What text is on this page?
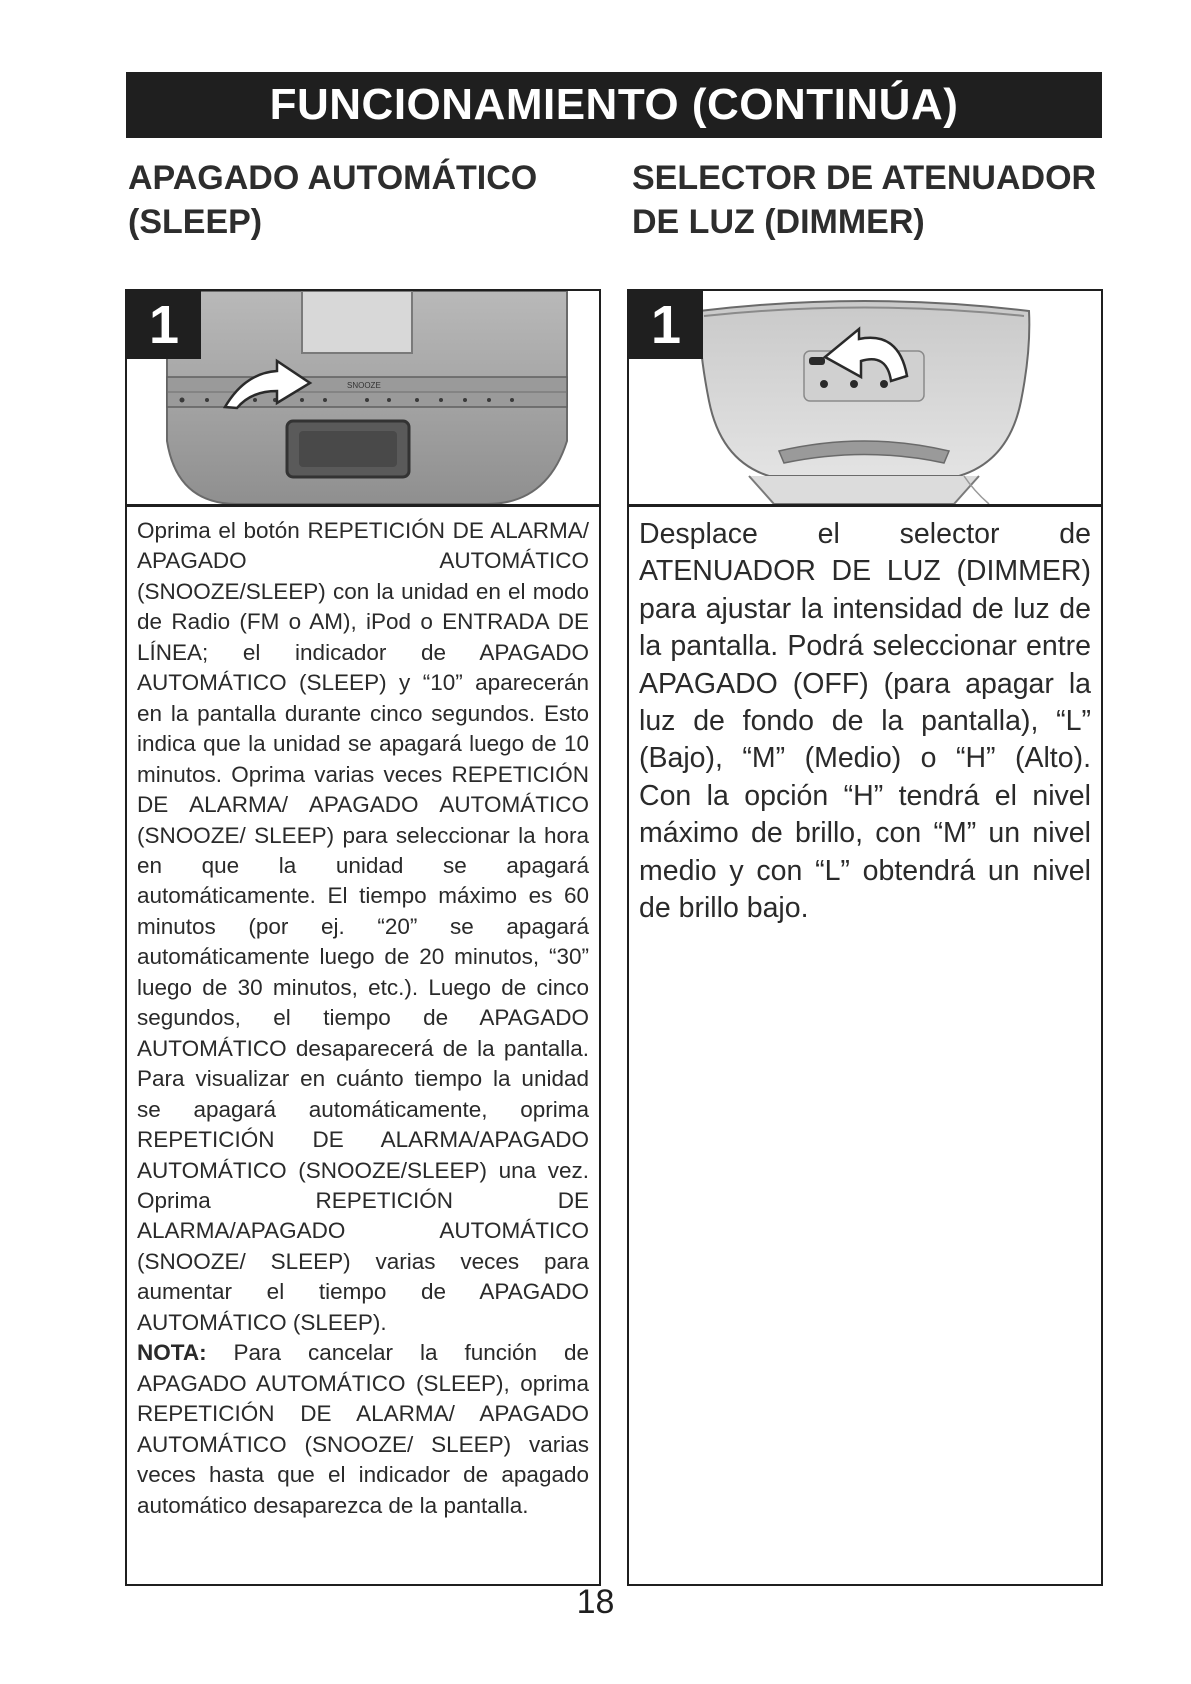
FUNCIONAMIENTO (CONTINÚA)
APAGADO AUTOMÁTICO (SLEEP)
SELECTOR DE ATENUADOR DE LUZ (DIMMER)
1
SNOOZE

Oprima el botón REPETICIÓN DE ALARMA/ APAGADO AUTOMÁTICO (SNOOZE/SLEEP) con la unidad en el modo de Radio (FM o AM), iPod o ENTRADA DE LÍNEA; el indicador de APAGADO AUTOMÁTICO (SLEEP) y “10” aparecerán en la pantalla durante cinco segundos. Esto indica que la unidad se apagará luego de 10 minutos. Oprima varias veces REPETICIÓN DE ALARMA/ APAGADO AUTOMÁTICO (SNOOZE/ SLEEP) para seleccionar la hora en que la unidad se apagará automáticamente. El tiempo máximo es 60 minutos (por ej. “20” se apagará automáticamente luego de 20 minutos, “30” luego de 30 minutos, etc.). Luego de cinco segundos, el tiempo de APAGADO AUTOMÁTICO desaparecerá de la pantalla. Para visualizar en cuánto tiempo la unidad se apagará automáticamente, oprima REPETICIÓN DE ALARMA/APAGADO AUTOMÁTICO (SNOOZE/SLEEP) una vez. Oprima REPETICIÓN DE ALARMA/APAGADO AUTOMÁTICO (SNOOZE/ SLEEP) varias veces para aumentar el tiempo de APAGADO AUTOMÁTICO (SLEEP).

NOTA: Para cancelar la función de APAGADO AUTOMÁTICO (SLEEP), oprima REPETICIÓN DE ALARMA/ APAGADO AUTOMÁTICO (SNOOZE/ SLEEP) varias veces hasta que el indicador de apagado automático desaparezca de la pantalla.

1
Desplace el selector de ATENUADOR DE LUZ (DIMMER) para ajustar la intensidad de luz de la pantalla. Podrá seleccionar entre APAGADO (OFF) (para apagar la luz de fondo de la pantalla), “L” (Bajo), “M” (Medio) o “H” (Alto). Con la opción “H” tendrá el nivel máximo de brillo, con “M” un nivel medio y con “L” obtendrá un nivel de brillo bajo.
18
